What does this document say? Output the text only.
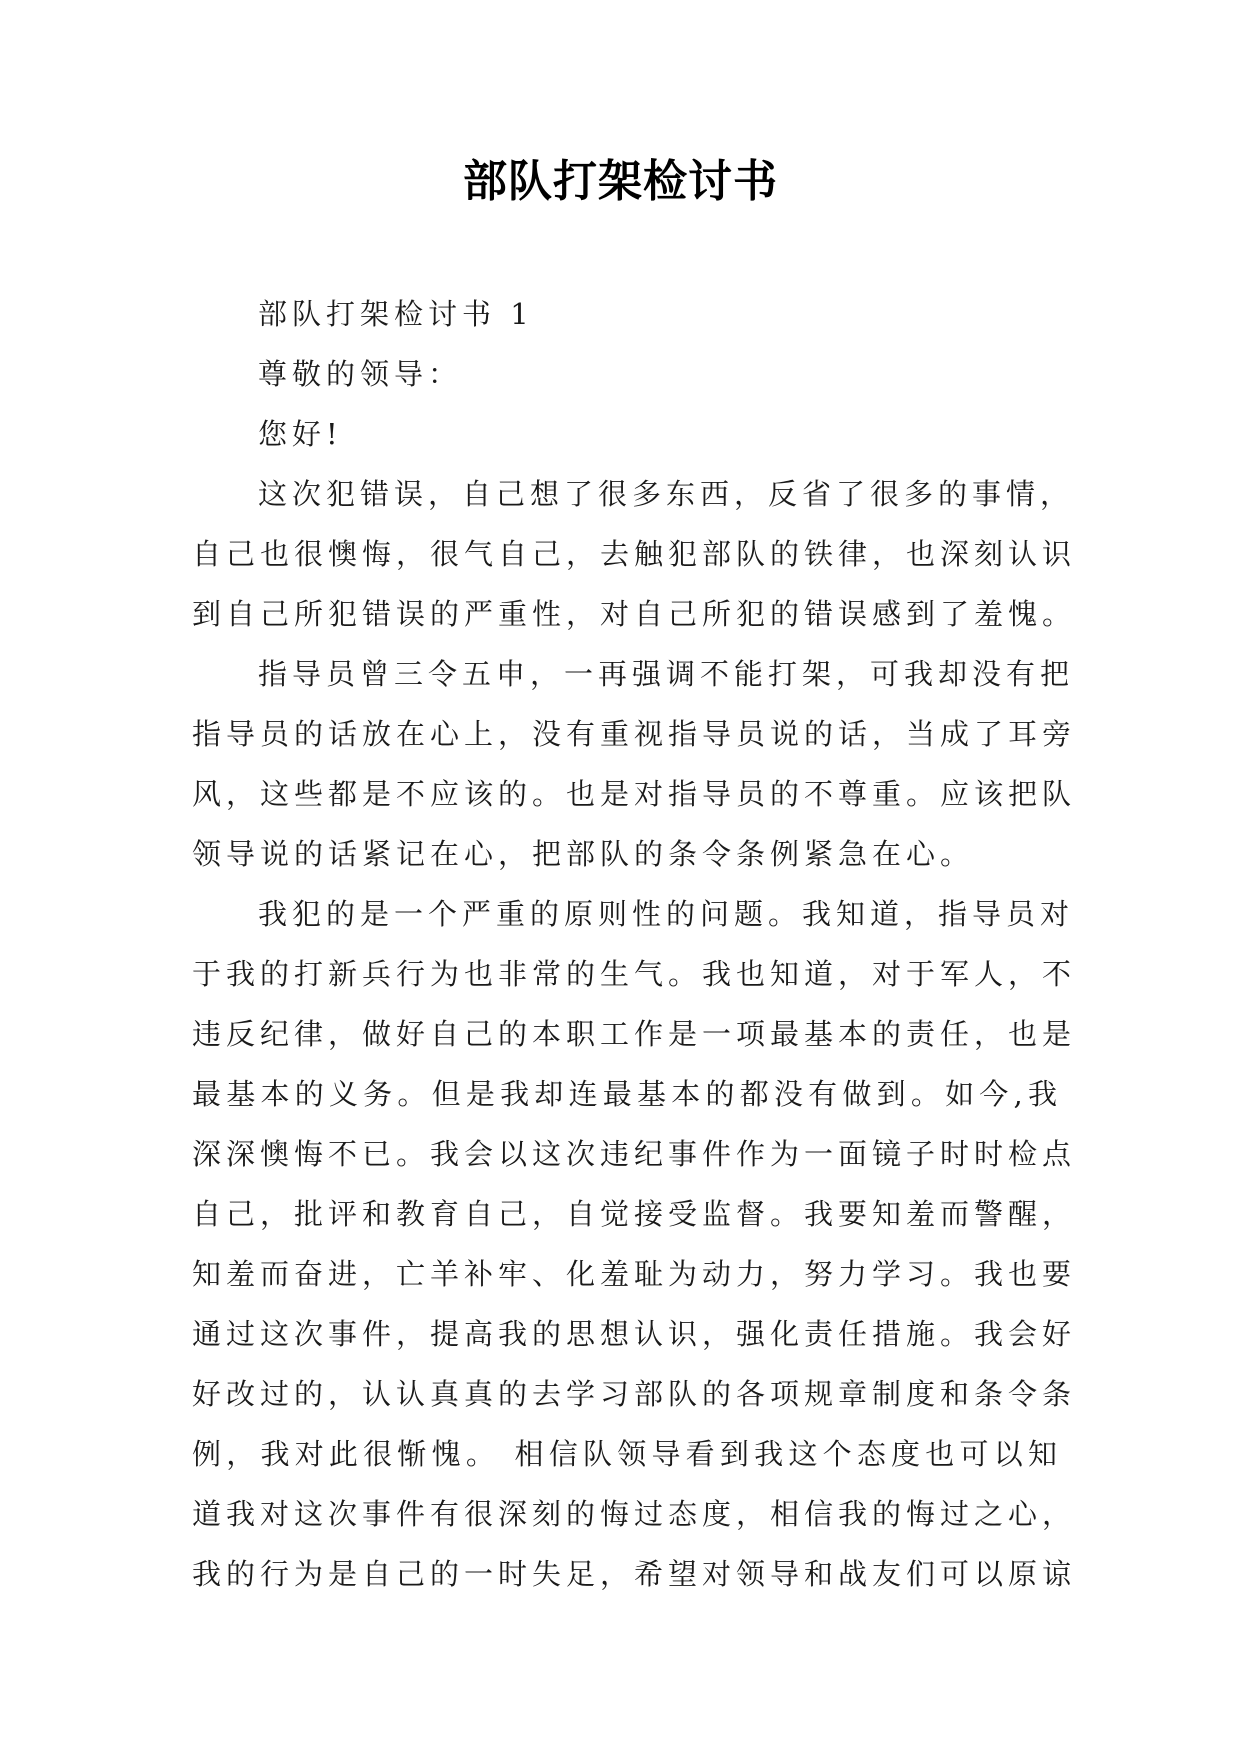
部队打架检讨书

部队打架检讨书 1

尊敬的领导：

您好!

这次犯错误，自己想了很多东西，反省了很多的事情，

自己也很懊悔，很气自己，去触犯部队的铁律，也深刻认识

到自己所犯错误的严重性，对自己所犯的错误感到了羞愧。

指导员曾三令五申，一再强调不能打架，可我却没有把

指导员的话放在心上，没有重视指导员说的话，当成了耳旁

风，这些都是不应该的。也是对指导员的不尊重。应该把队

领导说的话紧记在心，把部队的条令条例紧急在心。

我犯的是一个严重的原则性的问题。我知道，指导员对

于我的打新兵行为也非常的生气。我也知道，对于军人，不

违反纪律，做好自己的本职工作是一项最基本的责任，也是

最基本的义务。但是我却连最基本的都没有做到。如今,我

深深懊悔不已。我会以这次违纪事件作为一面镜子时时检点

自己，批评和教育自己，自觉接受监督。我要知羞而警醒，

知羞而奋进，亡羊补牢、化羞耻为动力，努力学习。我也要

通过这次事件，提高我的思想认识，强化责任措施。我会好

好改过的，认认真真的去学习部队的各项规章制度和条令条

例，我对此很惭愧。 相信队领导看到我这个态度也可以知

道我对这次事件有很深刻的悔过态度，相信我的悔过之心，

我的行为是自己的一时失足，希望对领导和战友们可以原谅
